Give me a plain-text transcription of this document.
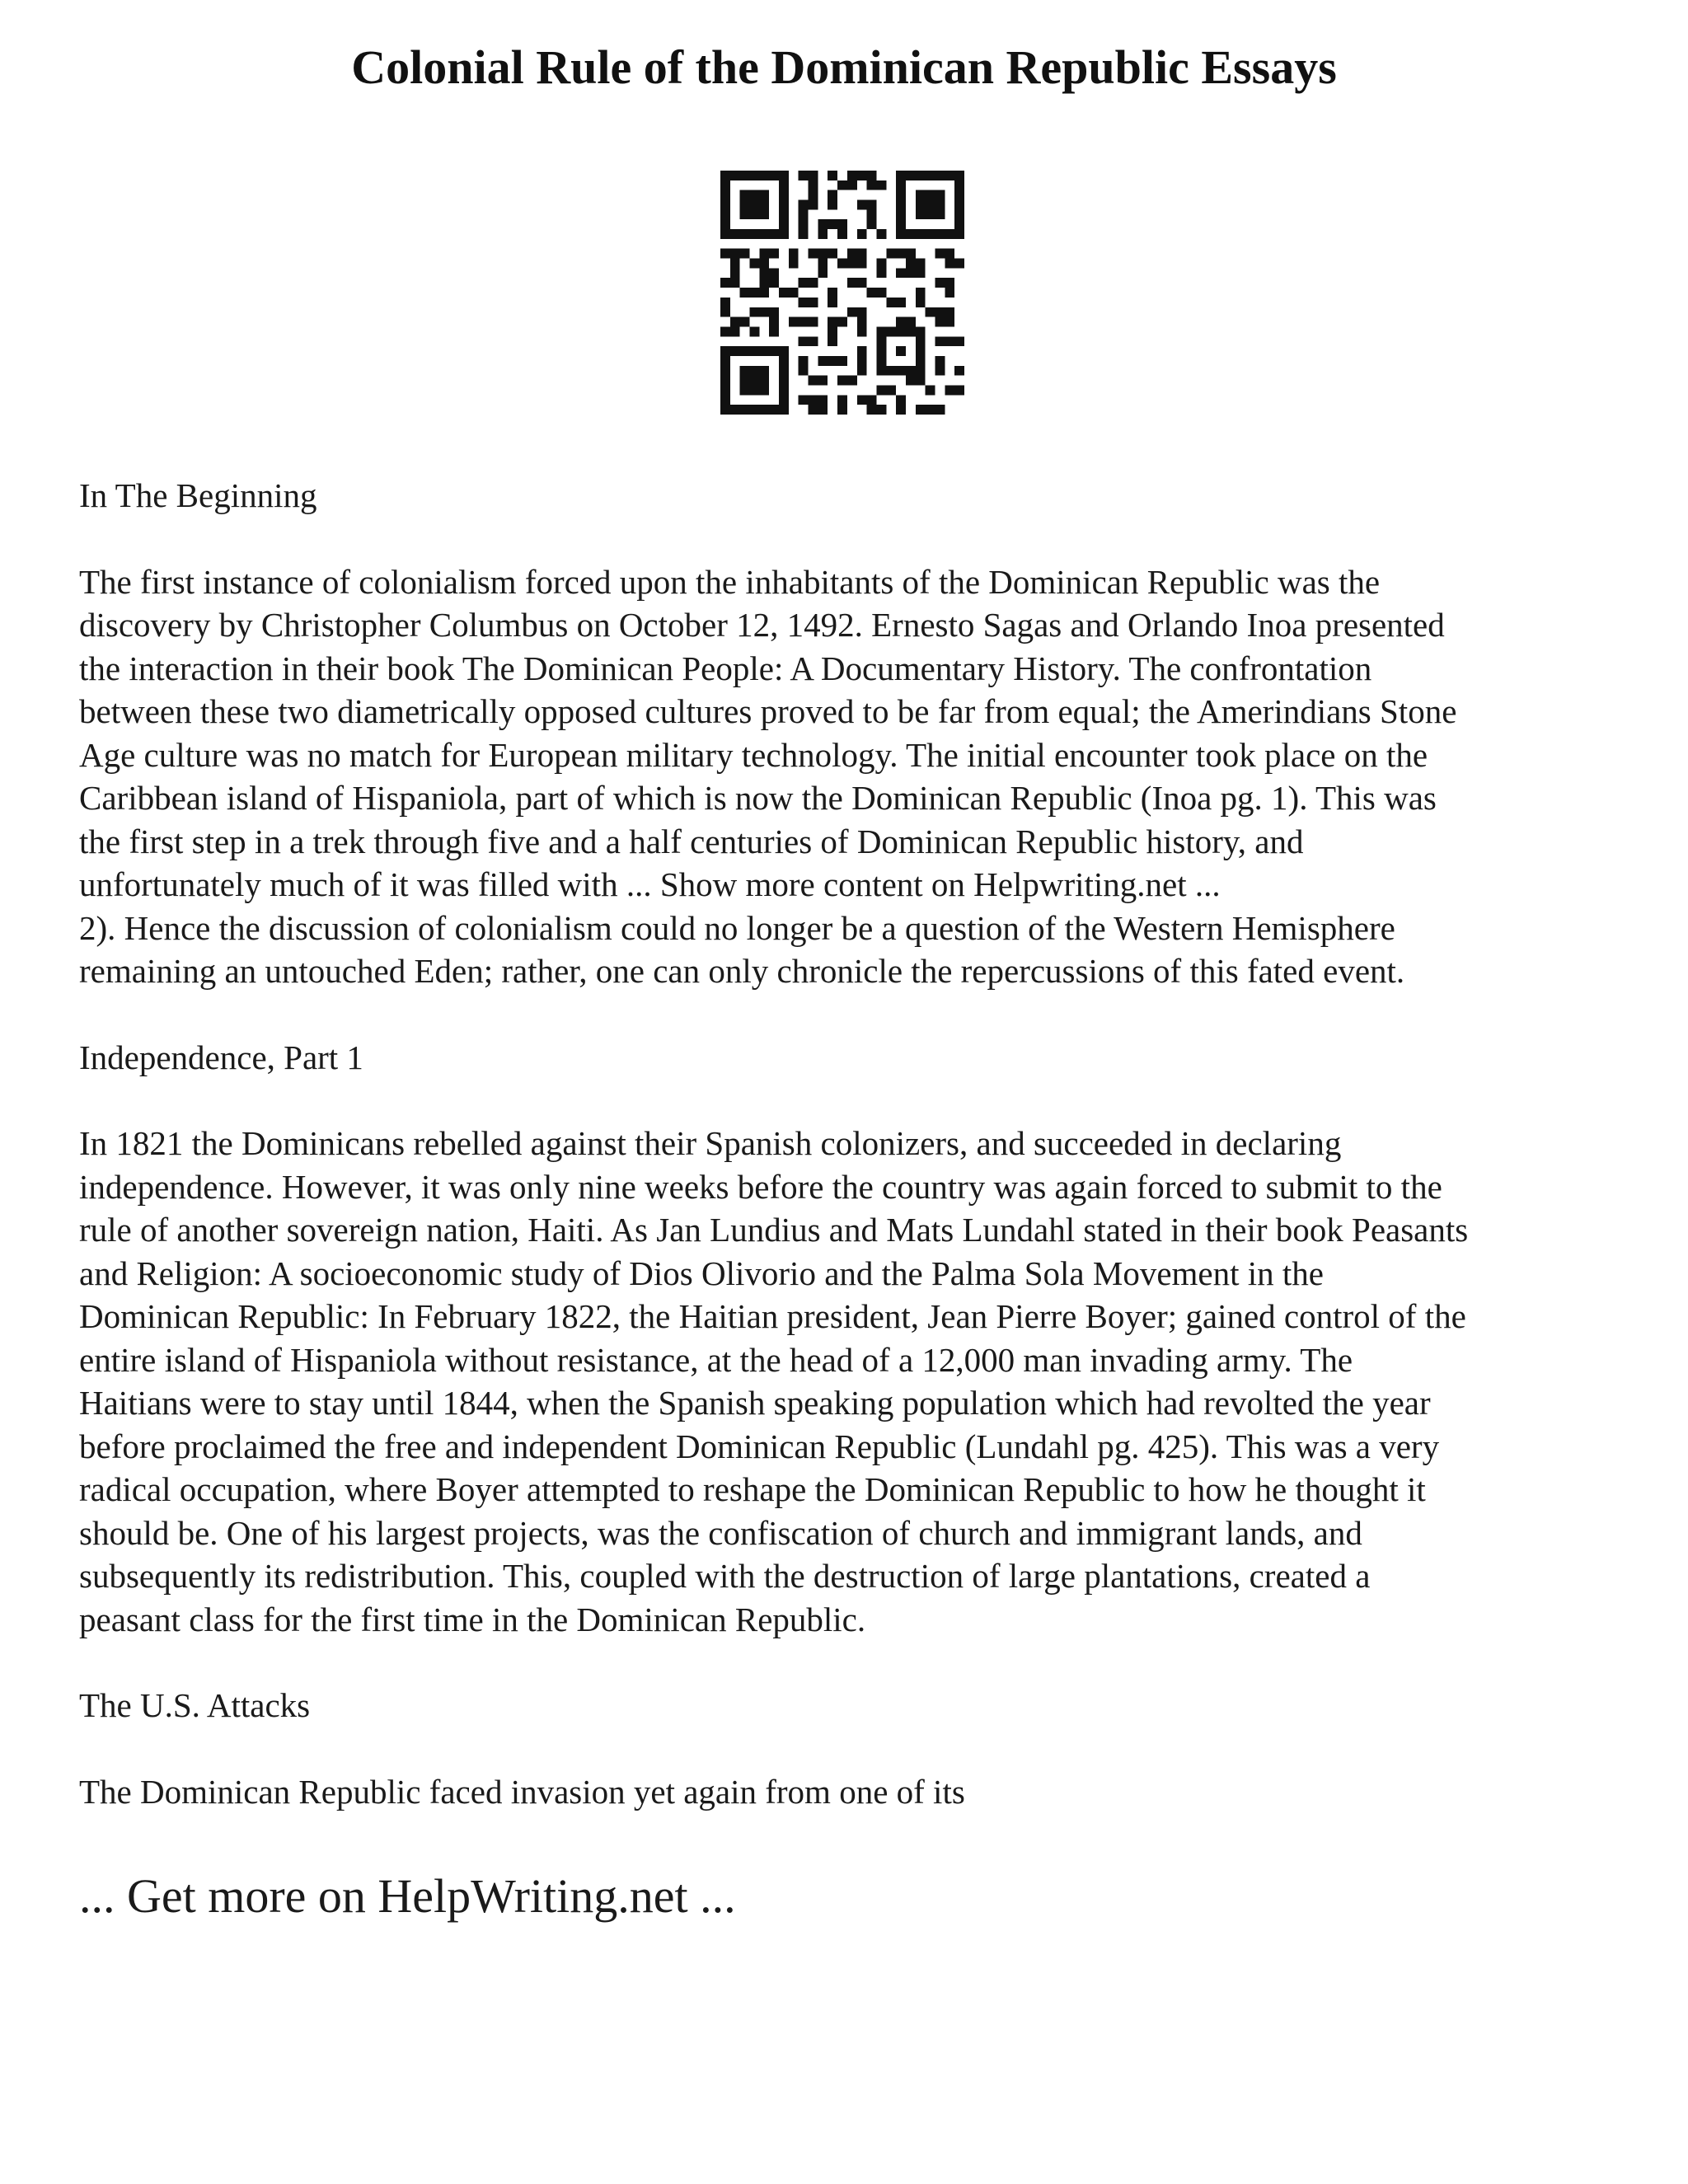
Colonial Rule of the Dominican Republic Essays

In The Beginning

The first instance of colonialism forced upon the inhabitants of the Dominican Republic was the
discovery by Christopher Columbus on October 12, 1492. Ernesto Sagas and Orlando Inoa presented
the interaction in their book The Dominican People: A Documentary History. The confrontation
between these two diametrically opposed cultures proved to be far from equal; the Amerindians Stone
Age culture was no match for European military technology. The initial encounter took place on the
Caribbean island of Hispaniola, part of which is now the Dominican Republic (Inoa pg. 1). This was
the first step in a trek through five and a half centuries of Dominican Republic history, and
unfortunately much of it was filled with ... Show more content on Helpwriting.net ...
2). Hence the discussion of colonialism could no longer be a question of the Western Hemisphere
remaining an untouched Eden; rather, one can only chronicle the repercussions of this fated event.

Independence, Part 1

In 1821 the Dominicans rebelled against their Spanish colonizers, and succeeded in declaring
independence. However, it was only nine weeks before the country was again forced to submit to the
rule of another sovereign nation, Haiti. As Jan Lundius and Mats Lundahl stated in their book Peasants
and Religion: A socioeconomic study of Dios Olivorio and the Palma Sola Movement in the
Dominican Republic: In February 1822, the Haitian president, Jean Pierre Boyer; gained control of the
entire island of Hispaniola without resistance, at the head of a 12,000 man invading army. The
Haitians were to stay until 1844, when the Spanish speaking population which had revolted the year
before proclaimed the free and independent Dominican Republic (Lundahl pg. 425). This was a very
radical occupation, where Boyer attempted to reshape the Dominican Republic to how he thought it
should be. One of his largest projects, was the confiscation of church and immigrant lands, and
subsequently its redistribution. This, coupled with the destruction of large plantations, created a
peasant class for the first time in the Dominican Republic.

The U.S. Attacks

The Dominican Republic faced invasion yet again from one of its

... Get more on HelpWriting.net ...
